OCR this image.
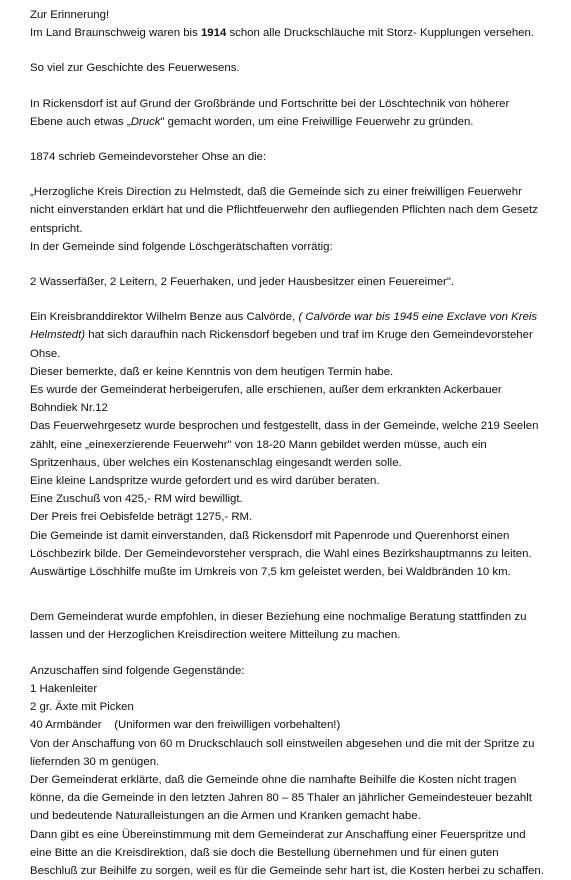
Zur Erinnerung!
Im Land Braunschweig waren bis 1914 schon alle Druckschläuche mit Storz- Kupplungen versehen.
So viel zur Geschichte des Feuerwesens.
In Rickensdorf ist auf Grund der Großbrände und Fortschritte bei der Löschtechnik von höherer
Ebene auch etwas „Druck" gemacht worden, um eine Freiwillige Feuerwehr zu gründen.
1874 schrieb Gemeindevorsteher Ohse an die:
„Herzogliche Kreis Direction zu Helmstedt, daß die Gemeinde sich zu einer freiwilligen Feuerwehr
nicht einverstanden erklärt hat und die Pflichtfeuerwehr den aufliegenden Pflichten nach dem Gesetz
entspricht.
In der Gemeinde sind folgende Löschgerätschaften vorrätig:
2 Wasserfäßer, 2 Leitern, 2 Feuerhaken, und jeder Hausbesitzer einen Feuereimer".
Ein Kreisbranddirektor Wilhelm Benze aus Calvörde, ( Calvörde war bis 1945 eine Exclave von Kreis
Helmstedt) hat sich daraufhin nach Rickensdorf begeben und traf im Kruge den Gemeindevorsteher
Ohse.
Dieser bemerkte, daß er keine Kenntnis von dem heutigen Termin habe.
Es wurde der Gemeinderat herbeigerufen, alle erschienen, außer dem erkrankten Ackerbauer
Bohndiek Nr.12
Das Feuerwehrgesetz wurde besprochen und festgestellt, dass in der Gemeinde, welche 219 Seelen
zählt, eine „einexerzierende Feuerwehr" von 18-20 Mann gebildet werden müsse, auch ein
Spritzenhaus, über welches ein Kostenanschlag eingesandt werden solle.
Eine kleine Landspritze wurde gefordert und es wird darüber beraten.
Eine Zuschuß von 425,- RM wird bewilligt.
Der Preis frei Oebisfelde beträgt 1275,- RM.
Die Gemeinde ist damit einverstanden, daß Rickensdorf mit Papenrode und Querenhorst einen
Löschbezirk bilde. Der Gemeindevorsteher versprach, die Wahl eines Bezirkshauptmanns zu leiten.
Auswärtige Löschhilfe mußte im Umkreis von 7,5 km geleistet werden, bei Waldbränden 10 km.
Dem Gemeinderat wurde empfohlen, in dieser Beziehung eine nochmalige Beratung stattfinden zu
lassen und der Herzoglichen Kreisdirection weitere Mitteilung zu machen.
Anzuschaffen sind folgende Gegenstände:
1 Hakenleiter
2 gr. Äxte mit Picken
40 Armbänder    (Uniformen war den freiwilligen vorbehalten!)
Von der Anschaffung von 60 m Druckschlauch soll einstweilen abgesehen und die mit der Spritze zu
liefernden 30 m genügen.
Der Gemeinderat erklärte, daß die Gemeinde ohne die namhafte Beihilfe die Kosten nicht tragen
könne, da die Gemeinde in den letzten Jahren 80 – 85 Thaler an jährlicher Gemeindesteuer bezahlt
und bedeutende Naturalleistungen an die Armen und Kranken gemacht habe.
Dann gibt es eine Übereinstimmung mit dem Gemeinderat zur Anschaffung einer Feuerspritze und
eine Bitte an die Kreisdirektion, daß sie doch die Bestellung übernehmen und für einen guten
Beschluß zur Beihilfe zu sorgen, weil es für die Gemeinde sehr hart ist, die Kosten herbei zu schaffen.
